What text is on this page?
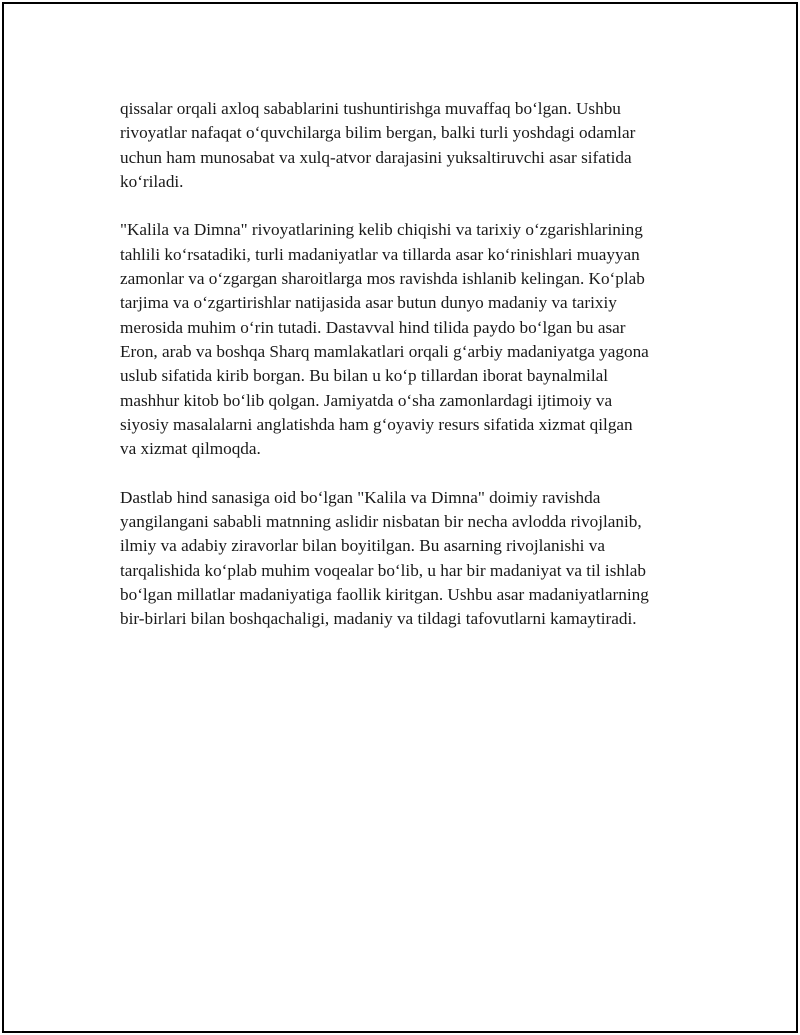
qissalar orqali axloq sabablarini tushuntirishga muvaffaq bo‘lgan. Ushbu
rivoyatlar nafaqat o‘quvchilarga bilim bergan, balki turli yoshdagi odamlar
uchun ham munosabat va xulq-atvor darajasini yuksaltiruvchi asar sifatida
ko‘riladi.

"Kalila va Dimna" rivoyatlarining kelib chiqishi va tarixiy o‘zgarishlarining
tahlili ko‘rsatadiki, turli madaniyatlar va tillarda asar ko‘rinishlari muayyan
zamonlar va o‘zgargan sharoitlarga mos ravishda ishlanib kelingan. Ko‘plab
tarjima va o‘zgartirishlar natijasida asar butun dunyo madaniy va tarixiy
merosida muhim o‘rin tutadi. Dastavval hind tilida paydo bo‘lgan bu asar
Eron, arab va boshqa Sharq mamlakatlari orqali g‘arbiy madaniyatga yagona
uslub sifatida kirib borgan. Bu bilan u ko‘p tillardan iborat baynalmilal
mashhur kitob bo‘lib qolgan. Jamiyatda o‘sha zamonlardagi ijtimoiy va
siyosiy masalalarni anglatishda ham g‘oyaviy resurs sifatida xizmat qilgan
va xizmat qilmoqda.

Dastlab hind sanasiga oid bo‘lgan "Kalila va Dimna" doimiy ravishda
yangilangani sababli matnning aslidir nisbatan bir necha avlodda rivojlanib,
ilmiy va adabiy ziravorlar bilan boyitilgan. Bu asarning rivojlanishi va
tarqalishida ko‘plab muhim voqealar bo‘lib, u har bir madaniyat va til ishlab
bo‘lgan millatlar madaniyatiga faollik kiritgan. Ushbu asar madaniyatlarning
bir-birlari bilan boshqachaligi, madaniy va tildagi tafovutlarni kamaytiradi.
